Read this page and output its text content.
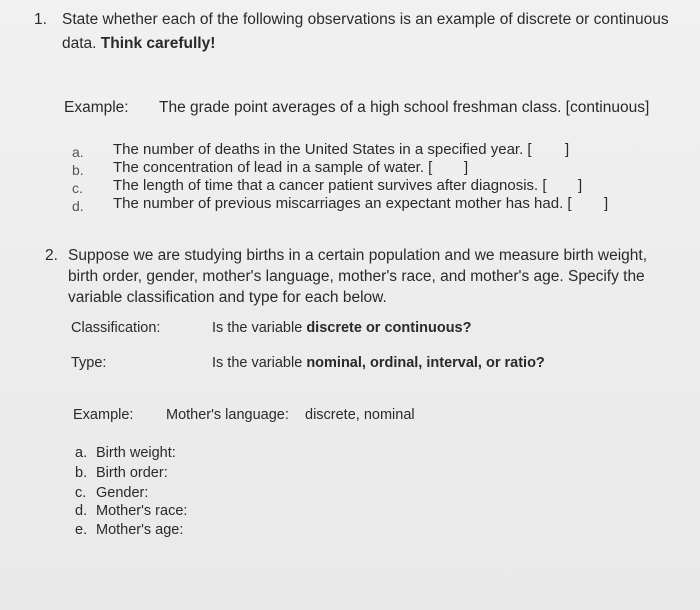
1. State whether each of the following observations is an example of discrete or continuous
data. Think carefully!
Example: The grade point averages of a high school freshman class. [continuous]
a. The number of deaths in the United States in a specified year. [ ]
b. The concentration of lead in a sample of water. [ ]
c. The length of time that a cancer patient survives after diagnosis. [ ]
d. The number of previous miscarriages an expectant mother has had. [ ]
2. Suppose we are studying births in a certain population and we measure birth weight,
birth order, gender, mother's language, mother's race, and mother's age. Specify the
variable classification and type for each below.
Classification:	Is the variable discrete or continuous?
Type:	Is the variable nominal, ordinal, interval, or ratio?
Example: Mother's language: discrete, nominal
a. Birth weight:
b. Birth order:
c. Gender:
d. Mother's race:
e. Mother's age:
